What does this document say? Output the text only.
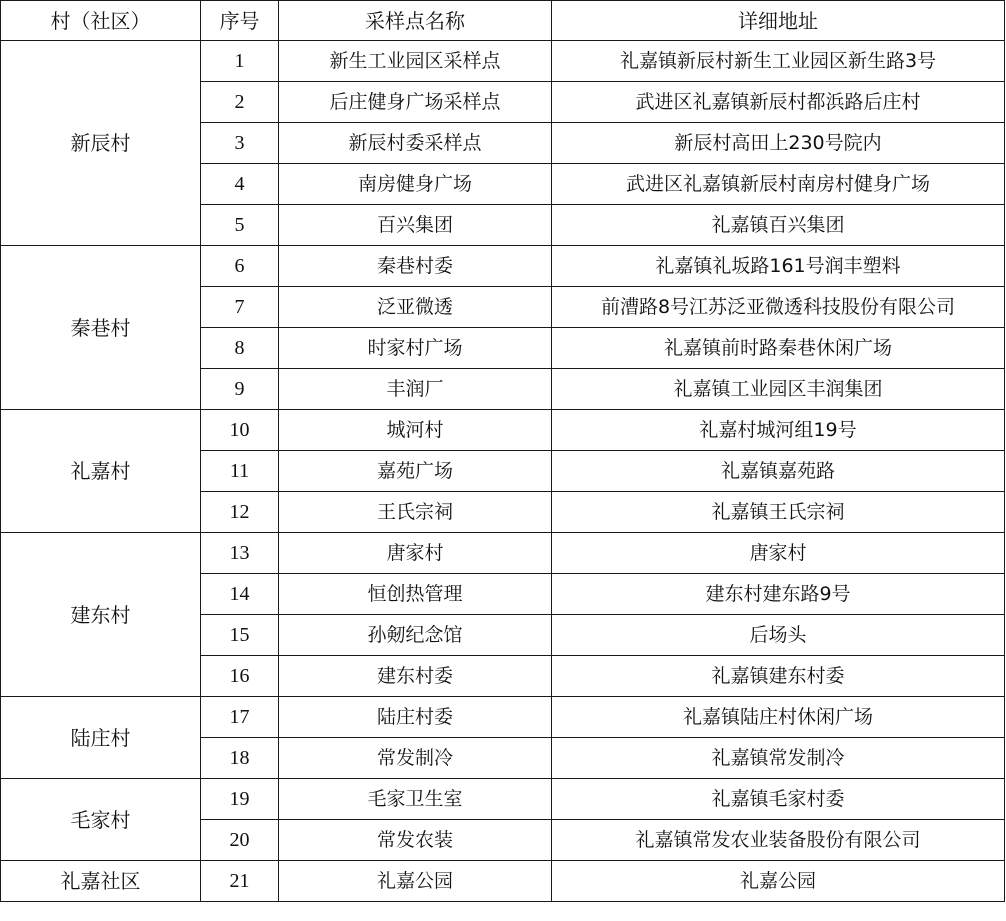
村（社区）	序号	采样点名称	详细地址
新辰村	1	新生工业园区采样点	礼嘉镇新辰村新生工业园区新生路3号
	2	后庄健身广场采样点	武进区礼嘉镇新辰村都浜路后庄村
	3	新辰村委采样点	新辰村高田上230号院内
	4	南房健身广场	武进区礼嘉镇新辰村南房村健身广场
	5	百兴集团	礼嘉镇百兴集团
秦巷村	6	秦巷村委	礼嘉镇礼坂路161号润丰塑料
	7	泛亚微透	前漕路8号江苏泛亚微透科技股份有限公司
	8	时家村广场	礼嘉镇前时路秦巷休闲广场
	9	丰润厂	礼嘉镇工业园区丰润集团
礼嘉村	10	城河村	礼嘉村城河组19号
	11	嘉苑广场	礼嘉镇嘉苑路
	12	王氏宗祠	礼嘉镇王氏宗祠
建东村	13	唐家村	唐家村
	14	恒创热管理	建东村建东路9号
	15	孙剱纪念馆	后场头
	16	建东村委	礼嘉镇建东村委
陆庄村	17	陆庄村委	礼嘉镇陆庄村休闲广场
	18	常发制冷	礼嘉镇常发制冷
毛家村	19	毛家卫生室	礼嘉镇毛家村委
	20	常发农装	礼嘉镇常发农业装备股份有限公司
礼嘉社区	21	礼嘉公园	礼嘉公园
